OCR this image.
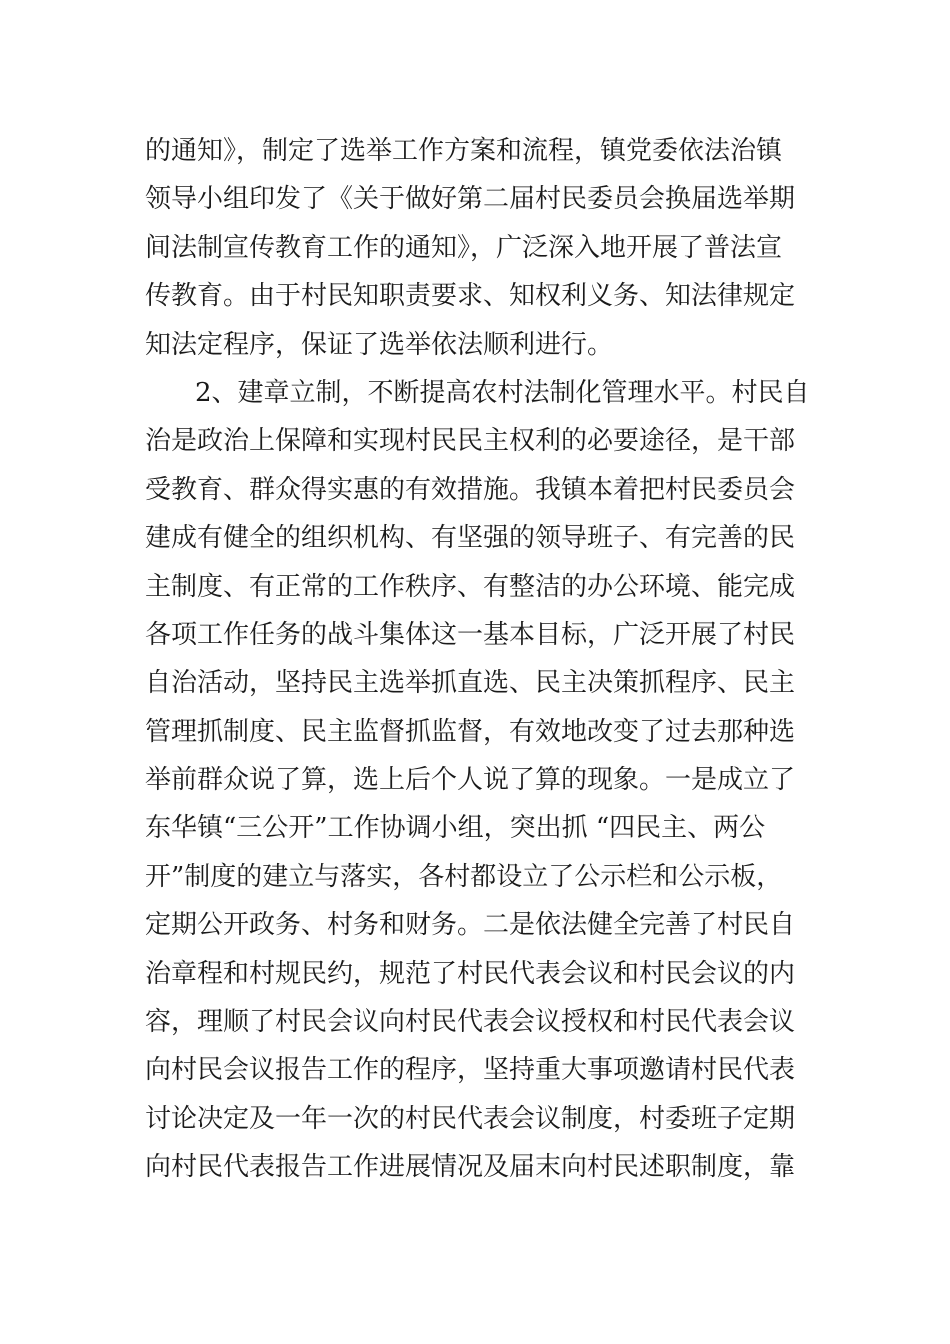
的通知》，制定了选举工作方案和流程，镇党委依法治镇
领导小组印发了《关于做好第二届村民委员会换届选举期
间法制宣传教育工作的通知》，广泛深入地开展了普法宣
传教育。由于村民知职责要求、知权利义务、知法律规定
知法定程序，保证了选举依法顺利进行。
2、建章立制，不断提高农村法制化管理水平。村民自
治是政治上保障和实现村民民主权利的必要途径，是干部
受教育、群众得实惠的有效措施。我镇本着把村民委员会
建成有健全的组织机构、有坚强的领导班子、有完善的民
主制度、有正常的工作秩序、有整洁的办公环境、能完成
各项工作任务的战斗集体这一基本目标，广泛开展了村民
自治活动，坚持民主选举抓直选、民主决策抓程序、民主
管理抓制度、民主监督抓监督，有效地改变了过去那种选
举前群众说了算，选上后个人说了算的现象。一是成立了
东华镇“三公开”工作协调小组，突出抓 “四民主、两公
开”制度的建立与落实，各村都设立了公示栏和公示板，
定期公开政务、村务和财务。二是依法健全完善了村民自
治章程和村规民约，规范了村民代表会议和村民会议的内
容，理顺了村民会议向村民代表会议授权和村民代表会议
向村民会议报告工作的程序，坚持重大事项邀请村民代表
讨论决定及一年一次的村民代表会议制度，村委班子定期
向村民代表报告工作进展情况及届末向村民述职制度，靠
